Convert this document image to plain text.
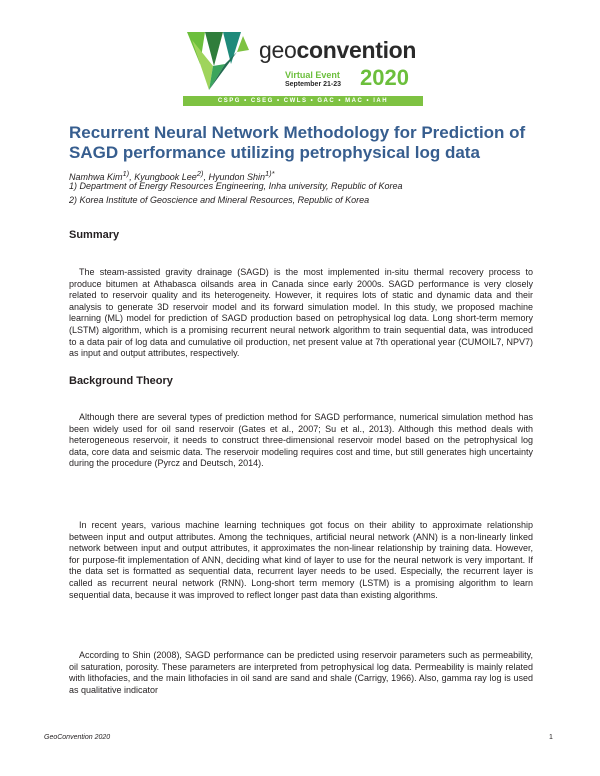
geoconvention
Virtual Event
September 21-23 2020
CSPG • CSEG • CWLS • GAC • MAC • IAH
Recurrent Neural Network Methodology for Prediction of SAGD performance utilizing petrophysical log data
Namhwa Kim$^{1)}$, Kyungbook Lee$^{2)}$, Hyundon Shin$^{1)*}$
1) Department of Energy Resources Engineering, Inha university, Republic of Korea
2) Korea Institute of Geoscience and Mineral Resources, Republic of Korea
Summary

The steam-assisted gravity drainage (SAGD) is the most implemented in-situ thermal recovery process to produce bitumen at Athabasca oilsands area in Canada since early 2000s. SAGD performance is very closely related to reservoir quality and its heterogeneity. However, it requires lots of static and dynamic data and their analysis to generate 3D reservoir model and its forward simulation model. In this study, we proposed machine learning (ML) model for prediction of SAGD production based on petrophysical log data. Long short-term memory (LSTM) algorithm, which is a promising recurrent neural network algorithm to train sequential data, was introduced to a data pair of log data and cumulative oil production, net present value at 7th operational year (CUMOIL7, NPV7) as input and output attributes, respectively.

Background Theory

Although there are several types of prediction method for SAGD performance, numerical simulation method has been widely used for oil sand reservoir (Gates et al., 2007; Su et al., 2013). Although this method deals with heterogeneous reservoir, it needs to construct three-dimensional reservoir model based on the petrophysical log data, core data and seismic data. The reservoir modeling requires cost and time, but still generates high uncertainty during the procedure (Pyrcz and Deutsch, 2014).

In recent years, various machine learning techniques got focus on their ability to approximate relationship between input and output attributes. Among the techniques, artificial neural network (ANN) is a non-linearly linked network between input and output attributes, it approximates the non-linear relationship by training data. However, for purpose-fit implementation of ANN, deciding what kind of layer to use for the neural network is very important. If the data set is formatted as sequential data, recurrent layer needs to be used. Especially, the recurrent layer is called as recurrent neural network (RNN). Long-short term memory (LSTM) is a promising algorithm to learn sequential data, because it was improved to reflect longer past data than existing algorithms.

According to Shin (2008), SAGD performance can be predicted using reservoir parameters such as permeability, oil saturation, porosity. These parameters are interpreted from petrophysical log data. Permeability is mainly related with lithofacies, and the main lithofacies in oil sand are sand and shale (Carrigy, 1966). Also, gamma ray log is used as qualitative indicator

GeoConvention 2020	1
